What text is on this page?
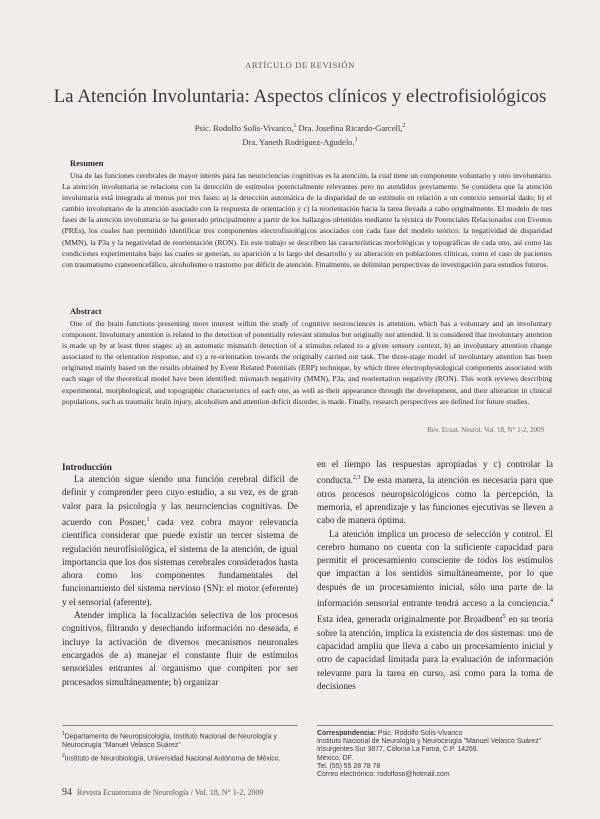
ARTÍCULO DE REVISIÓN
La Atención Involuntaria: Aspectos clínicos y electrofisiológicos
Psic. Rodolfo Solís-Vivanco,$^1$ Dra. Josefina Ricardo-Garcell,$^2$
Dra. Yaneth Rodríguez-Agudelo.$^1$
Resumen

Una de las funciones cerebrales de mayor interés para las neurociencias cognitivas es la atención, la cual tiene un componente voluntario y otro involuntario. La atención involuntaria se relaciona con la detección de estímulos potencialmente relevantes pero no atendidos previamente. Se considera que la atención involuntaria está integrada al menos por tres fases: a) la detección automática de la disparidad de un estímulo en relación a un contexto sensorial dado; b) el cambio involuntario de la atención asociado con la respuesta de orientación y c) la reorientación hacia la tarea llevada a cabo originalmente. El modelo de tres fases de la atención involuntaria se ha generado principalmente a partir de los hallazgos obtenidos mediante la técnica de Potenciales Relacionados con Eventos (PREs), los cuales han permitido identificar tres componentes electrofisiológicos asociados con cada fase del modelo teórico: la negatividad de disparidad (MMN), la P3a y la negatividad de reorientación (RON). En este trabajo se describen las características morfológicas y topográficas de cada uno, así como las condiciones experimentales bajo las cuales se generan, su aparición a lo largo del desarrollo y su alteración en poblaciones clínicas, como el caso de pacientes con traumatismo craneoencefálico, alcoholismo o trastorno por déficit de atención. Finalmente, se delimitan perspectivas de investigación para estudios futuros.

Abstract

One of the brain functions presenting more interest within the study of cognitive neurosciences is attention, which has a voluntary and an involuntary component. Involuntary attention is related to the detection of potentially relevant stimulus but originally not attended. It is considered that involuntary attention is made up by at least three stages: a) an automatic mismatch detection of a stimulus related to a given sensory context, b) an involuntary attention change associated to the orientation response, and c) a re-orientation towards the originally carried out task. The three-stage model of involuntary attention has been originated mainly based on the results obtained by Event Related Potentials (ERP) technique, by which three electrophysiological components associated with each stage of the theoretical model have been identified: mismatch negativity (MMN), P3a, and reorientation negativity (RON). This work reviews describing experimental, morphological, and topographic characteristics of each one, as well as their appearance through the development, and their alteration in clinical populations, such as traumatic brain injury, alcoholism and attention deficit disorder, is made. Finally, research perspectives are defined for future studies.

Rev. Ecuat. Neurol. Vol. 18, N° 1-2, 2009
Introducción

La atención sigue siendo una función cerebral difícil de definir y comprender pero cuyo estudio, a su vez, es de gran valor para la psicología y las neurociencias cognitivas. De acuerdo con Posner,$^1$ cada vez cobra mayor relevancia científica considerar que puede existir un tercer sistema de regulación neurofisiológica, el sistema de la atención, de igual importancia que los dos sistemas cerebrales considerados hasta ahora como los componentes fundamentales del funcionamiento del sistema nervioso (SN): el motor (eferente) y el sensorial (aferente).

Atender implica la focalización selectiva de los procesos cognitivos, filtrando y desechando información no deseada, e incluye la activación de diversos mecanismos neuronales encargados de a) manejar el constante fluir de estímulos sensoriales entrantes al organismo que compiten por ser procesados simultáneamente; b) organizar

en el tiempo las respuestas apropiadas y c) controlar la conducta.$^{2,3}$ De esta manera, la atención es necesaria para que otros procesos neuropsicológicos como la percepción, la memoria, el aprendizaje y las funciones ejecutivas se lleven a cabo de manera óptima.

La atención implica un proceso de selección y control. El cerebro humano no cuenta con la suficiente capacidad para permitir el procesamiento consciente de todos los estímulos que impactan a los sentidos simultáneamente, por lo que después de un procesamiento inicial, sólo una parte de la información sensorial entrante tendrá acceso a la conciencia.$^4$ Esta idea, generada originalmente por Broadbent$^5$ en su teoría sobre la atención, implica la existencia de dos sistemas: uno de capacidad amplia que lleva a cabo un procesamiento inicial y otro de capacidad limitada para la evaluación de información relevante para la tarea en curso, así como para la toma de decisiones

$^1$Departamento de Neuropsicología, Instituto Nacional de Neurología y Neurocirugía "Manuel Velasco Suárez"
$^2$Instituto de Neurobiología, Universidad Nacional Autónoma de México.
Correspondencia: Psic. Rodolfo Solís-Vivanco
Instituto Nacional de Neurología y Neurocirugía "Manuel Velasco Suárez"
Insurgentes Sur 3877, Colonia La Fama, C.P. 14269.
México, DF.
Tel. (55) 55 28 78 78
Correo electrónico: rodolfoso@hotmail.com
94 Revista Ecuatoriana de Neurología / Vol. 18, N° 1-2, 2009
